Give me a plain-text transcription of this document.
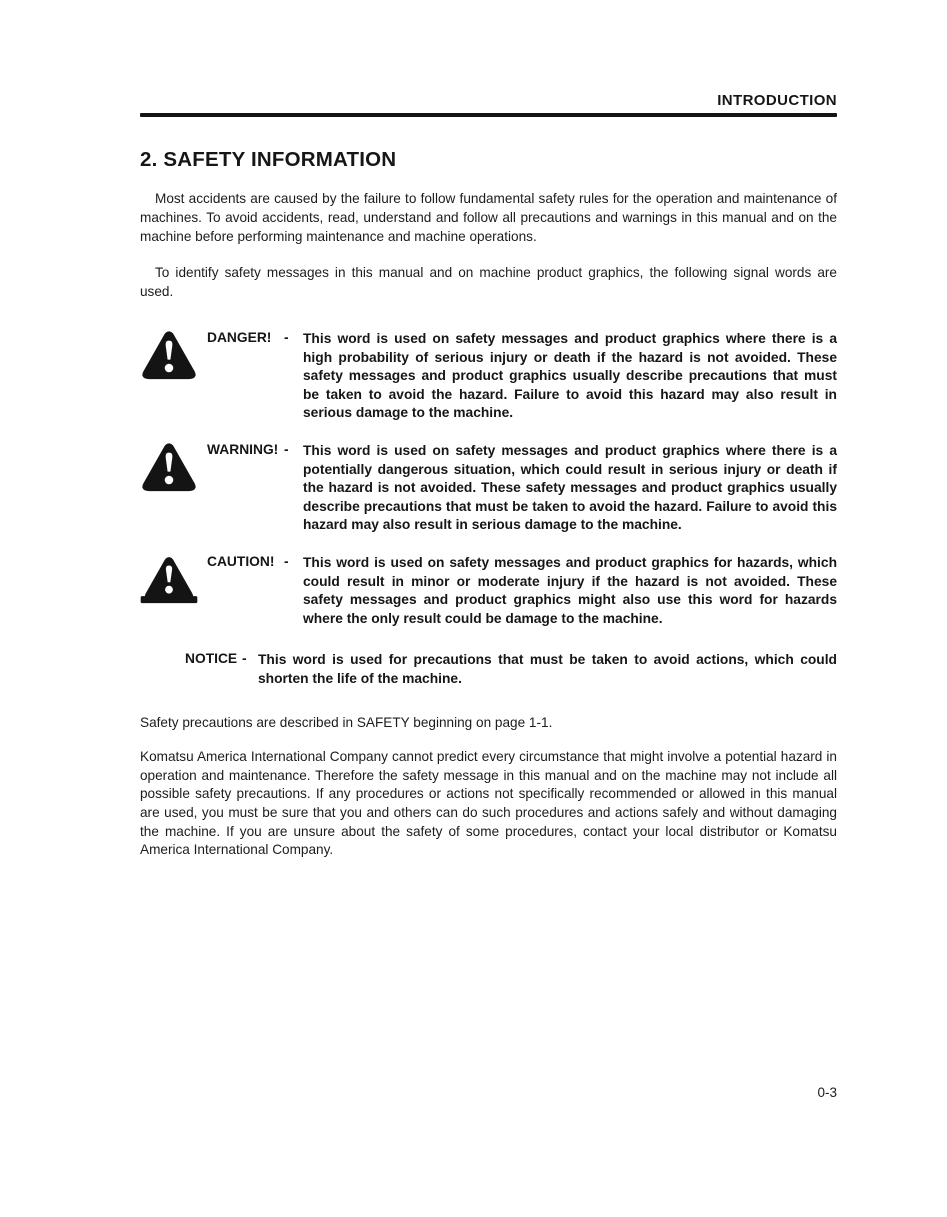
INTRODUCTION
2. SAFETY INFORMATION

Most accidents are caused by the failure to follow fundamental safety rules for the operation and maintenance of machines. To avoid accidents, read, understand and follow all precautions and warnings in this manual and on the machine before performing maintenance and machine operations.

To identify safety messages in this manual and on machine product graphics, the following signal words are used.

DANGER! -	This word is used on safety messages and product graphics where there is a high probability of serious injury or death if the hazard is not avoided. These safety messages and product graphics usually describe precautions that must be taken to avoid the hazard. Failure to avoid this hazard may also result in serious damage to the machine.
WARNING! -	This word is used on safety messages and product graphics where there is a potentially dangerous situation, which could result in serious injury or death if the hazard is not avoided. These safety messages and product graphics usually describe precautions that must be taken to avoid the hazard. Failure to avoid this hazard may also result in serious damage to the machine.
CAUTION! -	This word is used on safety messages and product graphics for hazards, which could result in minor or moderate injury if the hazard is not avoided. These safety messages and product graphics might also use this word for hazards where the only result could be damage to the machine.
NOTICE - This word is used for precautions that must be taken to avoid actions, which could shorten the life of the machine.

Safety precautions are described in SAFETY beginning on page 1-1.

Komatsu America International Company cannot predict every circumstance that might involve a potential hazard in operation and maintenance. Therefore the safety message in this manual and on the machine may not include all possible safety precautions. If any procedures or actions not specifically recommended or allowed in this manual are used, you must be sure that you and others can do such procedures and actions safely and without damaging the machine. If you are unsure about the safety of some procedures, contact your local distributor or Komatsu America International Company.

0-3
